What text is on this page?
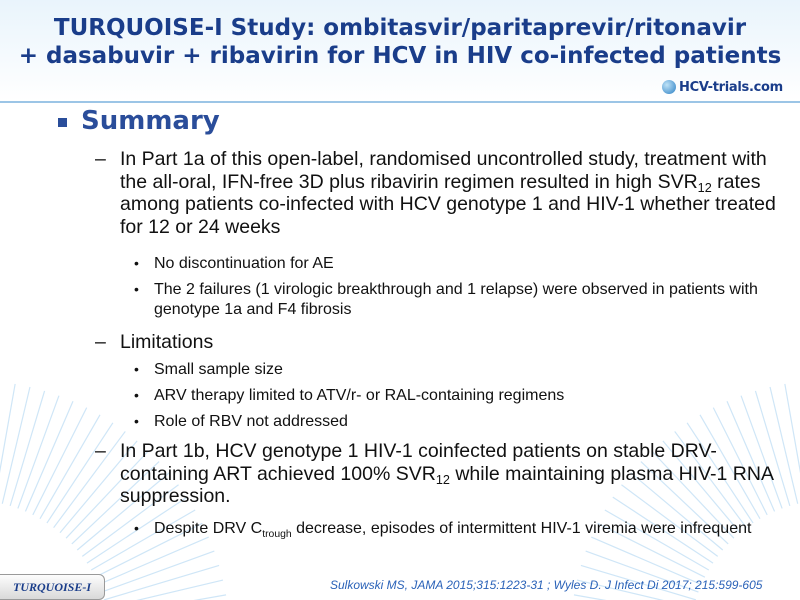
TURQUOISE-I Study: ombitasvir/paritaprevir/ritonavir
+ dasabuvir + ribavirin for HCV in HIV co-infected patients
HCV-trials.com
Summary
– In Part 1a of this open-label, randomised uncontrolled study, treatment with the all-oral, IFN-free 3D plus ribavirin regimen resulted in high $SVR_{12}$ rates among patients co-infected with HCV genotype 1 and HIV-1 whether treated for 12 or 24 weeks
• No discontinuation for AE
• The 2 failures (1 virologic breakthrough and 1 relapse) were observed in patients with genotype 1a and F4 fibrosis
– Limitations
• Small sample size
• ARV therapy limited to ATV/r- or RAL-containing regimens
• Role of RBV not addressed
– In Part 1b, HCV genotype 1 HIV-1 coinfected patients on stable DRV-containing ART achieved 100% $SVR_{12}$ while maintaining plasma HIV-1 RNA suppression.
• Despite DRV $C_{trough}$ decrease, episodes of intermittent HIV-1 viremia were infrequent
TURQUOISE-I	Sulkowski MS, JAMA 2015;315:1223-31 ; Wyles D. J Infect Di 2017; 215:599-605
